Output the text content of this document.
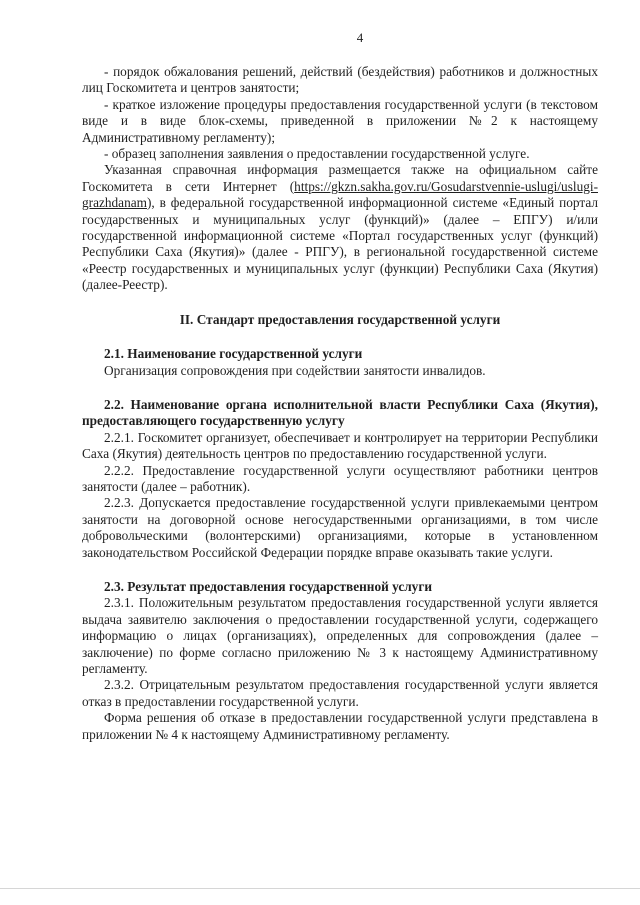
4

- порядок обжалования решений, действий (бездействия) работников и должностных лиц Госкомитета и центров занятости;

- краткое изложение процедуры предоставления государственной услуги (в текстовом виде и в виде блок-схемы, приведенной в приложении №2 к настоящему Административному регламенту);

- образец заполнения заявления о предоставлении государственной услуге.

Указанная справочная информация размещается также на официальном сайте Госкомитета в сети Интернет (https://gkzn.sakha.gov.ru/Gosudarstvennie-uslugi/uslugi-grazhdanam), в федеральной государственной информационной системе «Единый портал государственных и муниципальных услуг (функций)» (далее – ЕПГУ) и/или государственной информационной системе «Портал государственных услуг (функций) Республики Саха (Якутия)» (далее - РПГУ), в региональной государственной системе «Реестр государственных и муниципальных услуг (функции) Республики Саха (Якутия) (далее-Реестр).

II. Стандарт предоставления государственной услуги
2.1. Наименование государственной услуги

Организация сопровождения при содействии занятости инвалидов.

2.2. Наименование органа исполнительной власти Республики Саха (Якутия), предоставляющего государственную услугу

2.2.1. Госкомитет организует, обеспечивает и контролирует на территории Республики Саха (Якутия) деятельность центров по предоставлению государственной услуги.

2.2.2. Предоставление государственной услуги осуществляют работники центров занятости (далее – работник).

2.2.3. Допускается предоставление государственной услуги привлекаемыми центром занятости на договорной основе негосударственными организациями, в том числе добровольческими (волонтерскими) организациями, которые в установленном законодательством Российской Федерации порядке вправе оказывать такие услуги.

2.3. Результат предоставления государственной услуги

2.3.1. Положительным результатом предоставления государственной услуги является выдача заявителю заключения о предоставлении государственной услуги, содержащего информацию о лицах (организациях), определенных для сопровождения (далее – заключение) по форме согласно приложению № 3 к настоящему Административному регламенту.

2.3.2. Отрицательным результатом предоставления государственной услуги является отказ в предоставлении государственной услуги.

Форма решения об отказе в предоставлении государственной услуги представлена в приложении № 4 к настоящему Административному регламенту.
